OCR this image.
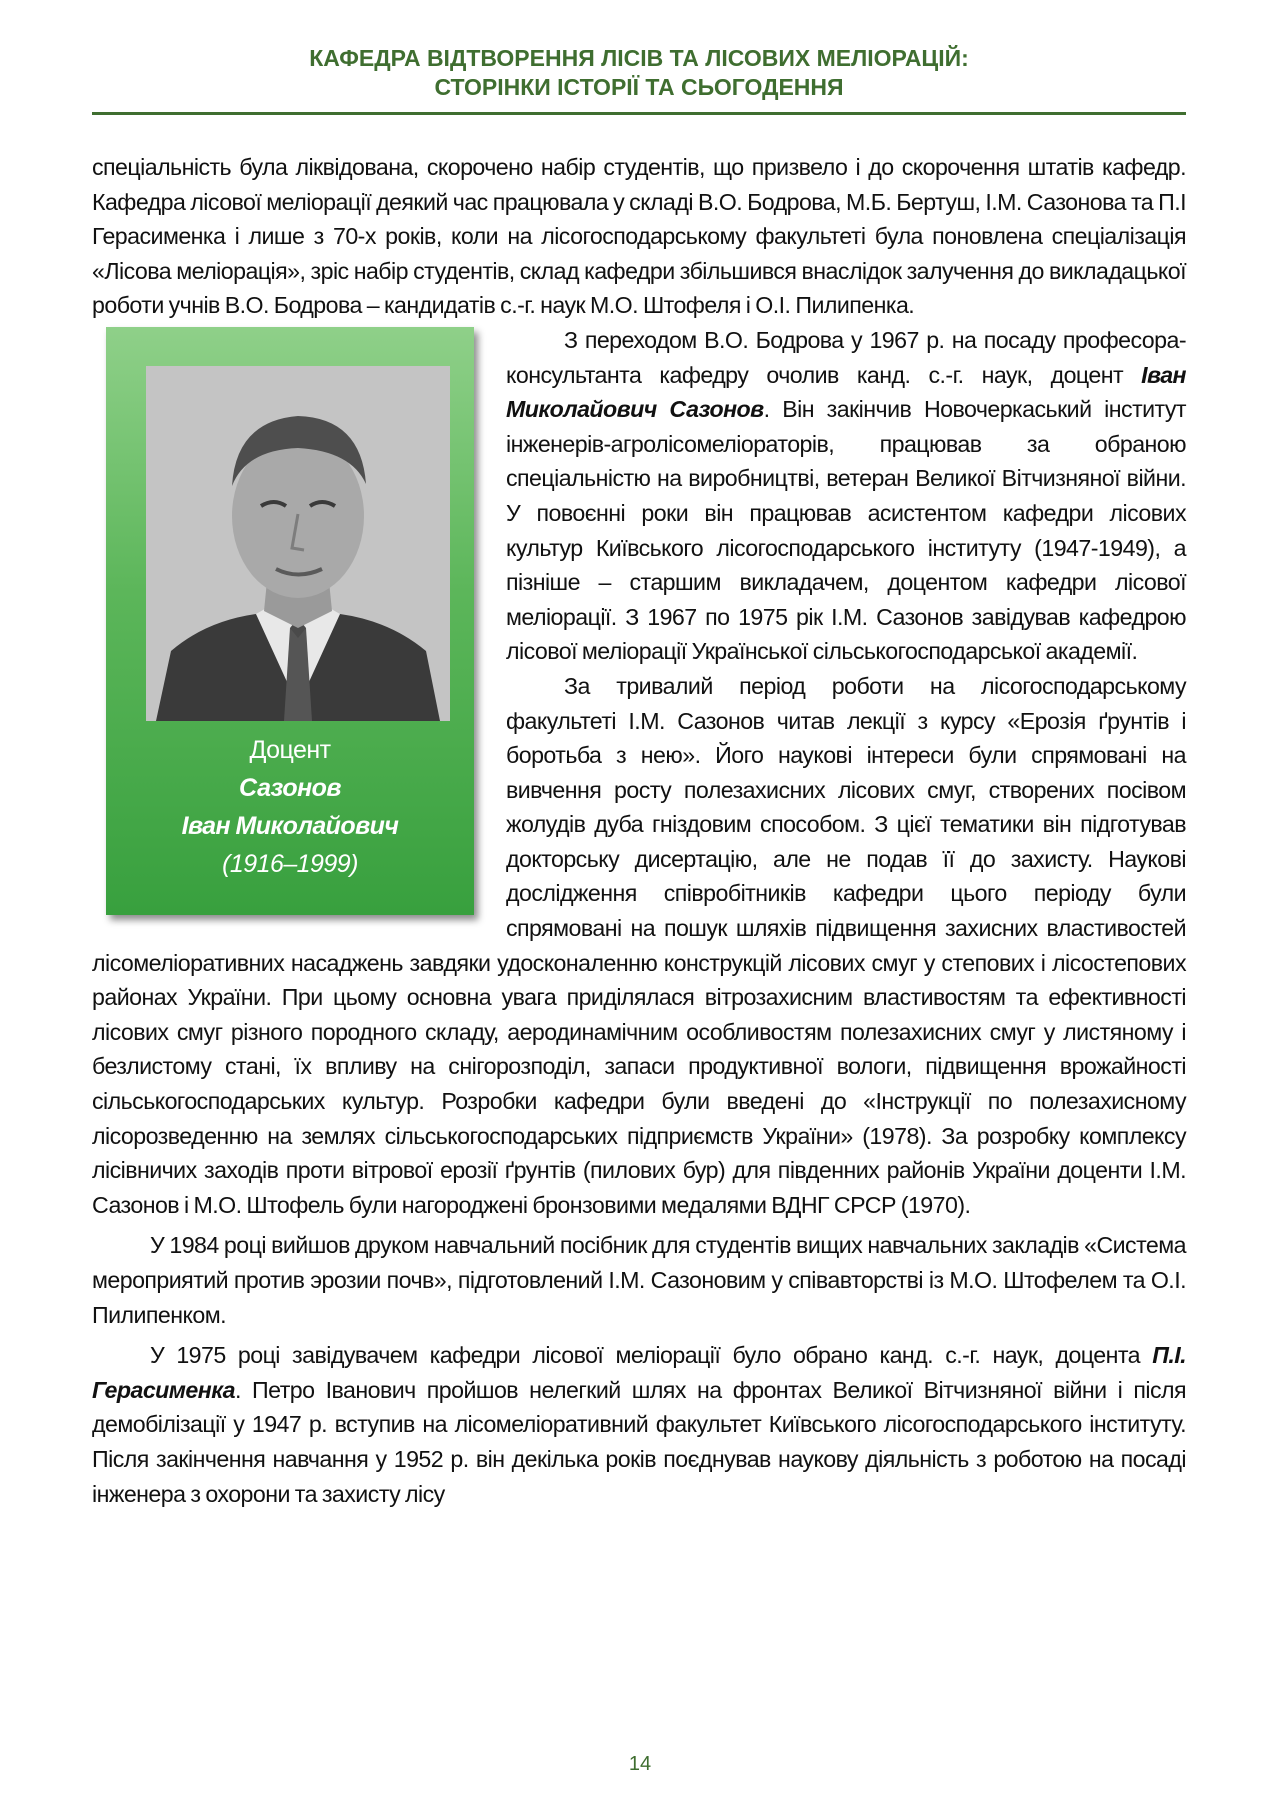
КАФЕДРА ВІДТВОРЕННЯ ЛІСІВ ТА ЛІСОВИХ МЕЛІОРАЦІЙ:
СТОРІНКИ ІСТОРІЇ ТА СЬОГОДЕННЯ

спеціальність була ліквідована, скорочено набір студентів, що призвело і до скорочення штатів кафедр. Кафедра лісової меліорації деякий час працювала у складі В.О. Бодрова, М.Б. Бертуш, І.М. Сазонова та П.І Герасименка і лише з 70-х років, коли на лісогосподарському факультеті була поновлена спеціалізація «Лісова меліорація», зріс набір студентів, склад кафедри збільшився внаслідок залучення до викладацької роботи учнів В.О. Бодрова – кандидатів с.-г. наук М.О. Штофеля і О.І. Пилипенка.

Доцент
Сазонов
Іван Миколайович
(1916–1999)

З переходом В.О. Бодрова у 1967 р. на посаду професора-консультанта кафедру очолив канд. с.-г. наук, доцент Іван Миколайович Сазонов. Він закінчив Новочеркаський інститут інженерів-агролісомеліораторів, працював за обраною спеціальністю на виробництві, ветеран Великої Вітчизняної війни. У повоєнні роки він працював асистентом кафедри лісових культур Київського лісогосподарського інституту (1947-1949), а пізніше – старшим викладачем, доцентом кафедри лісової меліорації. З 1967 по 1975 рік І.М. Сазонов завідував кафедрою лісової меліорації Української сільськогосподарської академії.

За тривалий період роботи на лісогосподарському факультеті І.М. Сазонов читав лекції з курсу «Ерозія ґрунтів і боротьба з нею». Його наукові інтереси були спрямовані на вивчення росту полезахисних лісових смуг, створених посівом жолудів дуба гніздовим способом. З цієї тематики він підготував докторську дисертацію, але не подав її до захисту. Наукові дослідження співробітників кафедри цього періоду були спрямовані на пошук шляхів підвищення захисних властивостей лісомеліоративних насаджень завдяки удосконаленню конструкцій лісових смуг у степових і лісостепових районах України. При цьому основна увага приділялася вітрозахисним властивостям та ефективності лісових смуг різного породного складу, аеродинамічним особливостям полезахисних смуг у листяному і безлистому стані, їх впливу на снігорозподіл, запаси продуктивної вологи, підвищення врожайності сільськогосподарських культур. Розробки кафедри були введені до «Інструкції по полезахисному лісорозведенню на землях сільськогосподарських підприємств України» (1978). За розробку комплексу лісівничих заходів проти вітрової ерозії ґрунтів (пилових бур) для південних районів України доценти І.М. Сазонов і М.О. Штофель були нагороджені бронзовими медалями ВДНГ СРСР (1970).

У 1984 році вийшов друком навчальний посібник для студентів вищих навчальних закладів «Система мероприятий против эрозии почв», підготовлений І.М. Сазоновим у співавторстві із М.О. Штофелем та О.І. Пилипенком.

У 1975 році завідувачем кафедри лісової меліорації було обрано канд. с.-г. наук, доцента П.І. Герасименка. Петро Іванович пройшов нелегкий шлях на фронтах Великої Вітчизняної війни і після демобілізації у 1947 р. вступив на лісомеліоративний факультет Київського лісогосподарського інституту. Після закінчення навчання у 1952 р. він декілька років поєднував наукову діяльність з роботою на посаді інженера з охорони та захисту лісу

14
